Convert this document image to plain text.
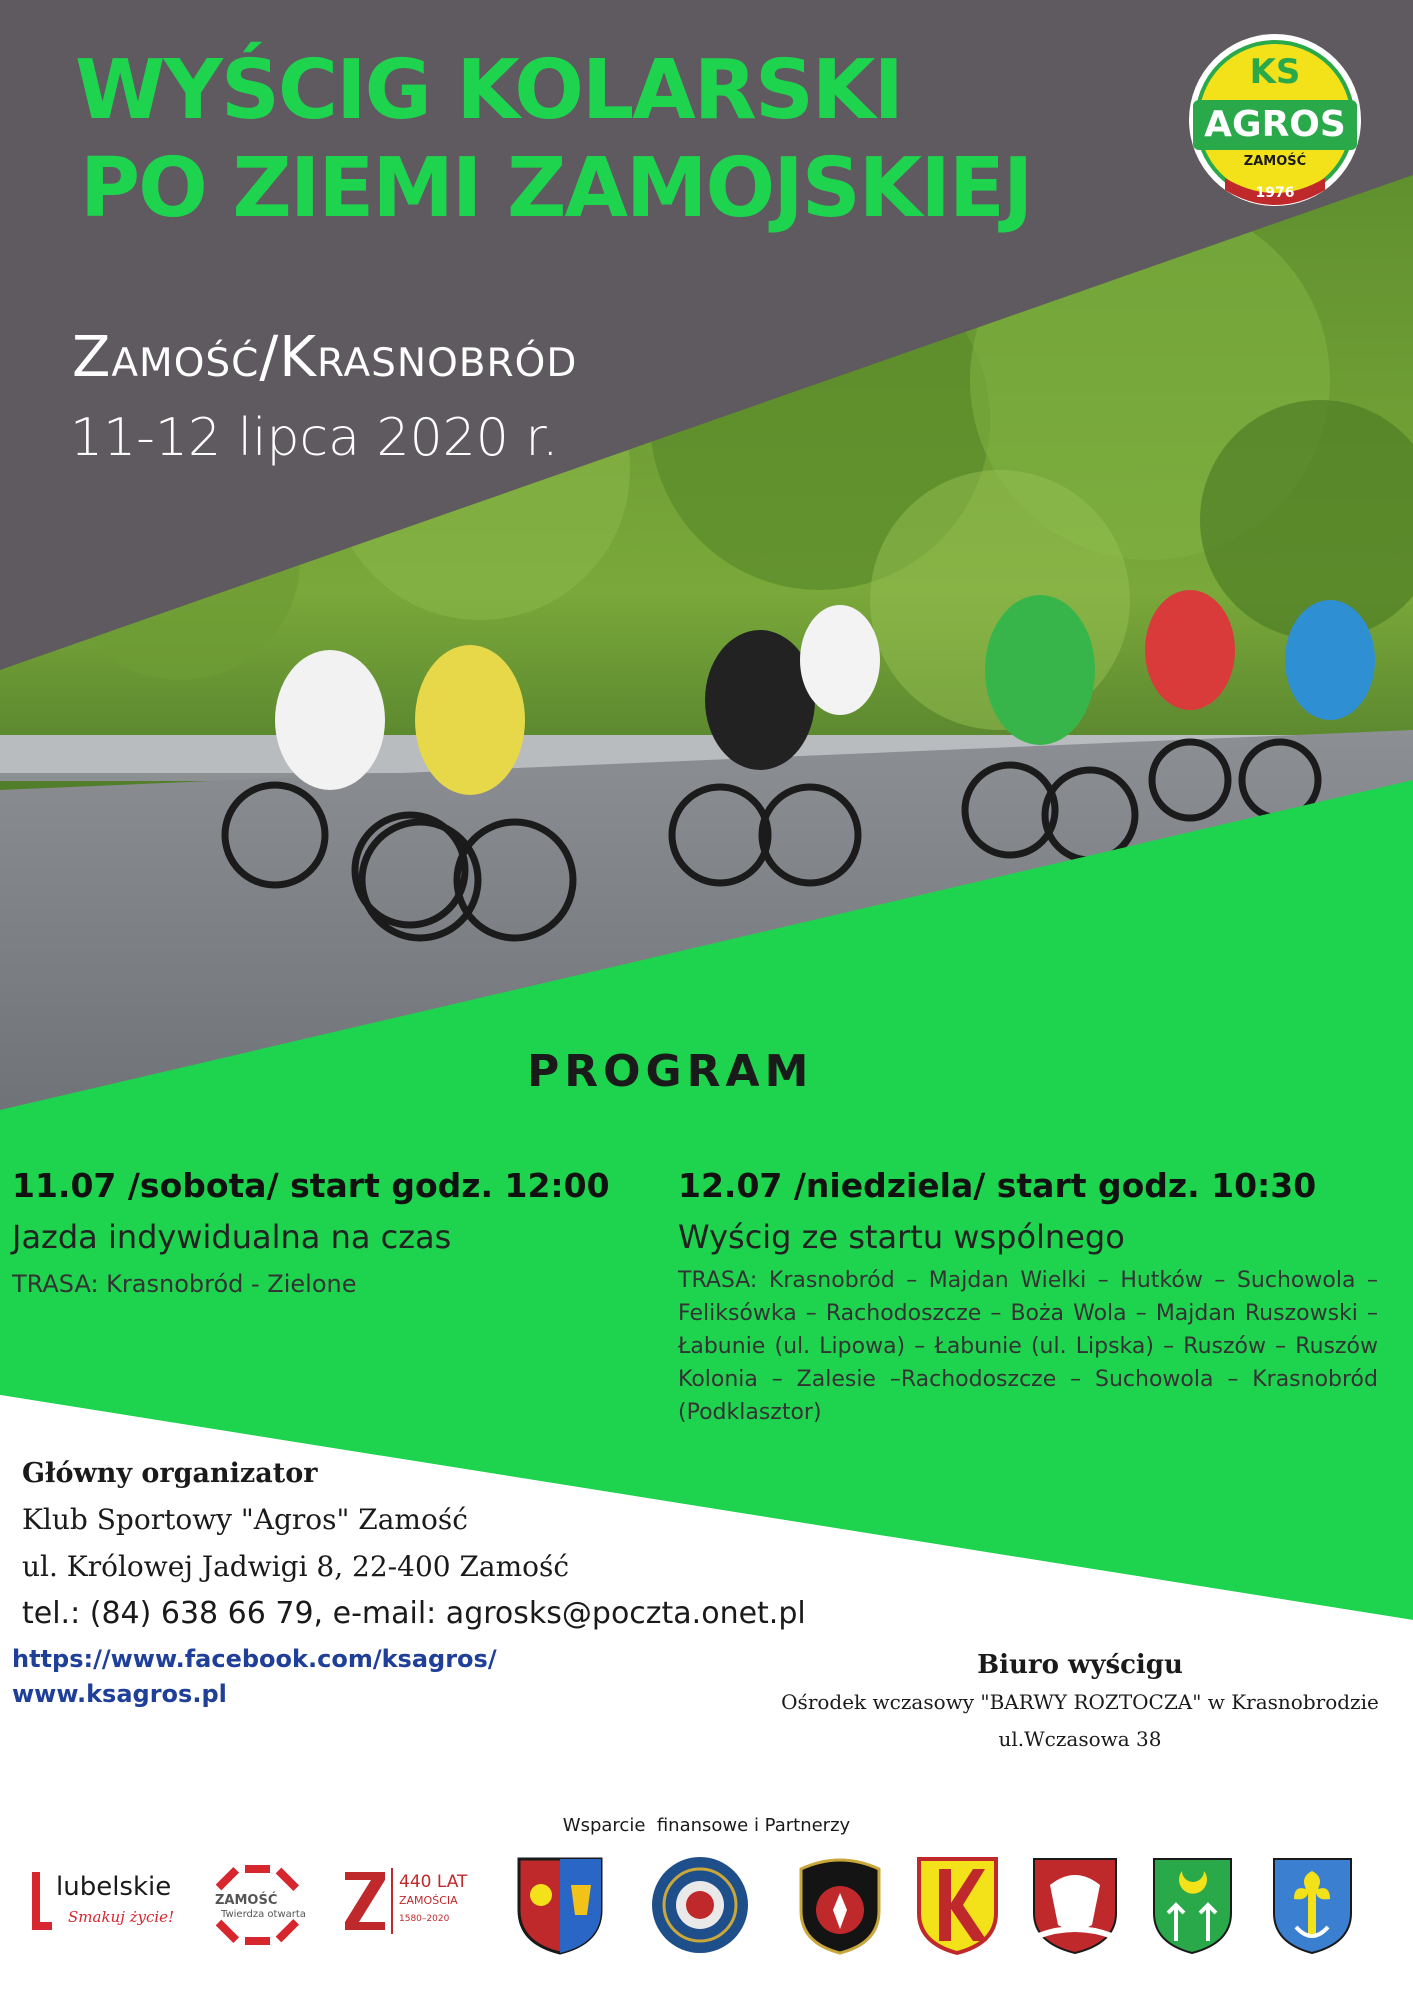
WYŚCIG KOLARSKI
PO ZIEMI ZAMOJSKIEJ
Zamość/Krasnobród
11-12 lipca 2020 r.
KS
AGROS
ZAMOŚĆ
1976
PROGRAM
11.07 /sobota/ start godz. 12:00
Jazda indywidualna na czas
TRASA: Krasnobród - Zielone
12.07 /niedziela/ start godz. 10:30
Wyścig ze startu wspólnego
TRASA: Krasnobród – Majdan Wielki – Hutków – Suchowola – Feliksówka – Rachodoszcze – Boża Wola – Majdan Ruszowski – Łabunie (ul. Lipowa) – Łabunie (ul. Lipska) – Ruszów – Ruszów Kolonia – Zalesie –Rachodoszcze – Suchowola – Krasnobród (Podklasztor)
Główny organizator
Klub Sportowy "Agros" Zamość
ul. Królowej Jadwigi 8, 22-400 Zamość
tel.: (84) 638 66 79, e-mail: agrosks@poczta.onet.pl
https://www.facebook.com/ksagros/
www.ksagros.pl
Biuro wyścigu
Ośrodek wczasowy "BARWY ROZTOCZA" w Krasnobrodzie
ul.Wczasowa 38
Wsparcie  finansowe i Partnerzy
lubelskie
Smakuj życie!
ZAMOŚĆ
Twierdza otwarta
440 LAT
ZAMOŚCIA
1580–2020
